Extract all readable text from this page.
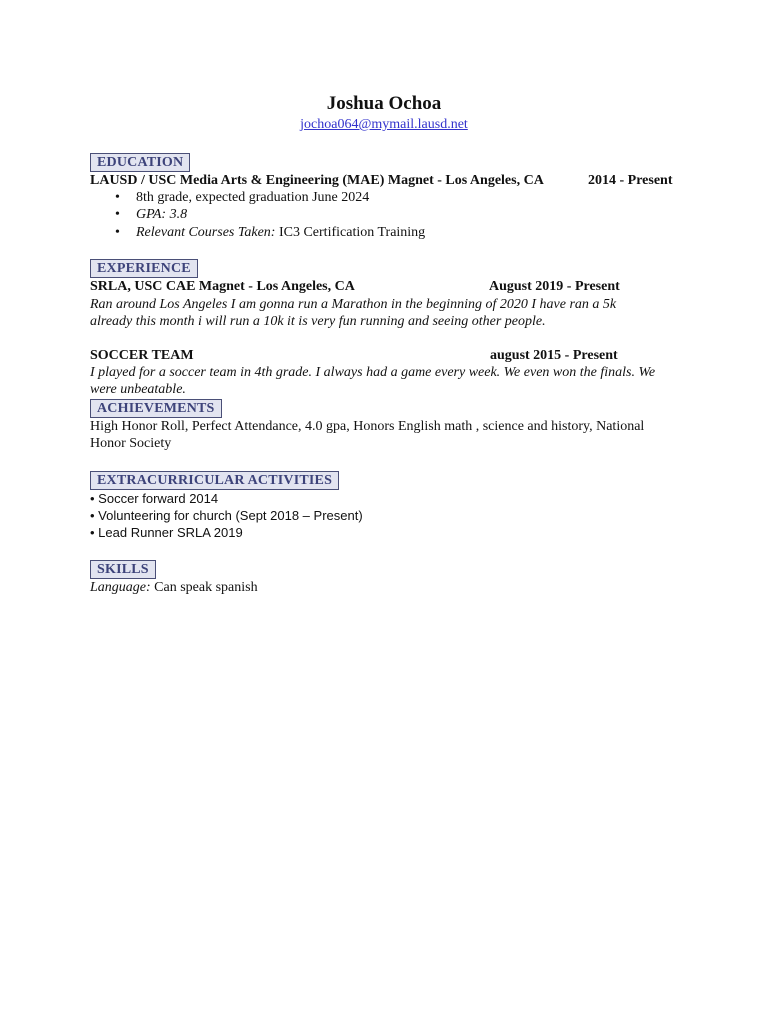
Joshua Ochoa
jochoa064@mymail.lausd.net
EDUCATION
LAUSD / USC Media Arts & Engineering (MAE) Magnet - Los Angeles, CA	2014 - Present
• 8th grade, expected graduation June 2024
• GPA: 3.8
• Relevant Courses Taken: IC3 Certification Training
EXPERIENCE
SRLA, USC CAE Magnet - Los Angeles, CA	August 2019 - Present
Ran around Los Angeles I am gonna run a Marathon in the beginning of 2020 I have ran a 5k
already this month i will run a 10k it is very fun running and seeing other people.
SOCCER TEAM	august 2015 - Present
I played for a soccer team in 4th grade. I always had a game every week. We even won the finals. We
were unbeatable.
ACHIEVEMENTS
High Honor Roll, Perfect Attendance, 4.0 gpa, Honors English math , science and history, National
Honor Society
EXTRACURRICULAR ACTIVITIES
• Soccer forward 2014
• Volunteering for church (Sept 2018 – Present)
• Lead Runner SRLA 2019
SKILLS
Language: Can speak spanish
